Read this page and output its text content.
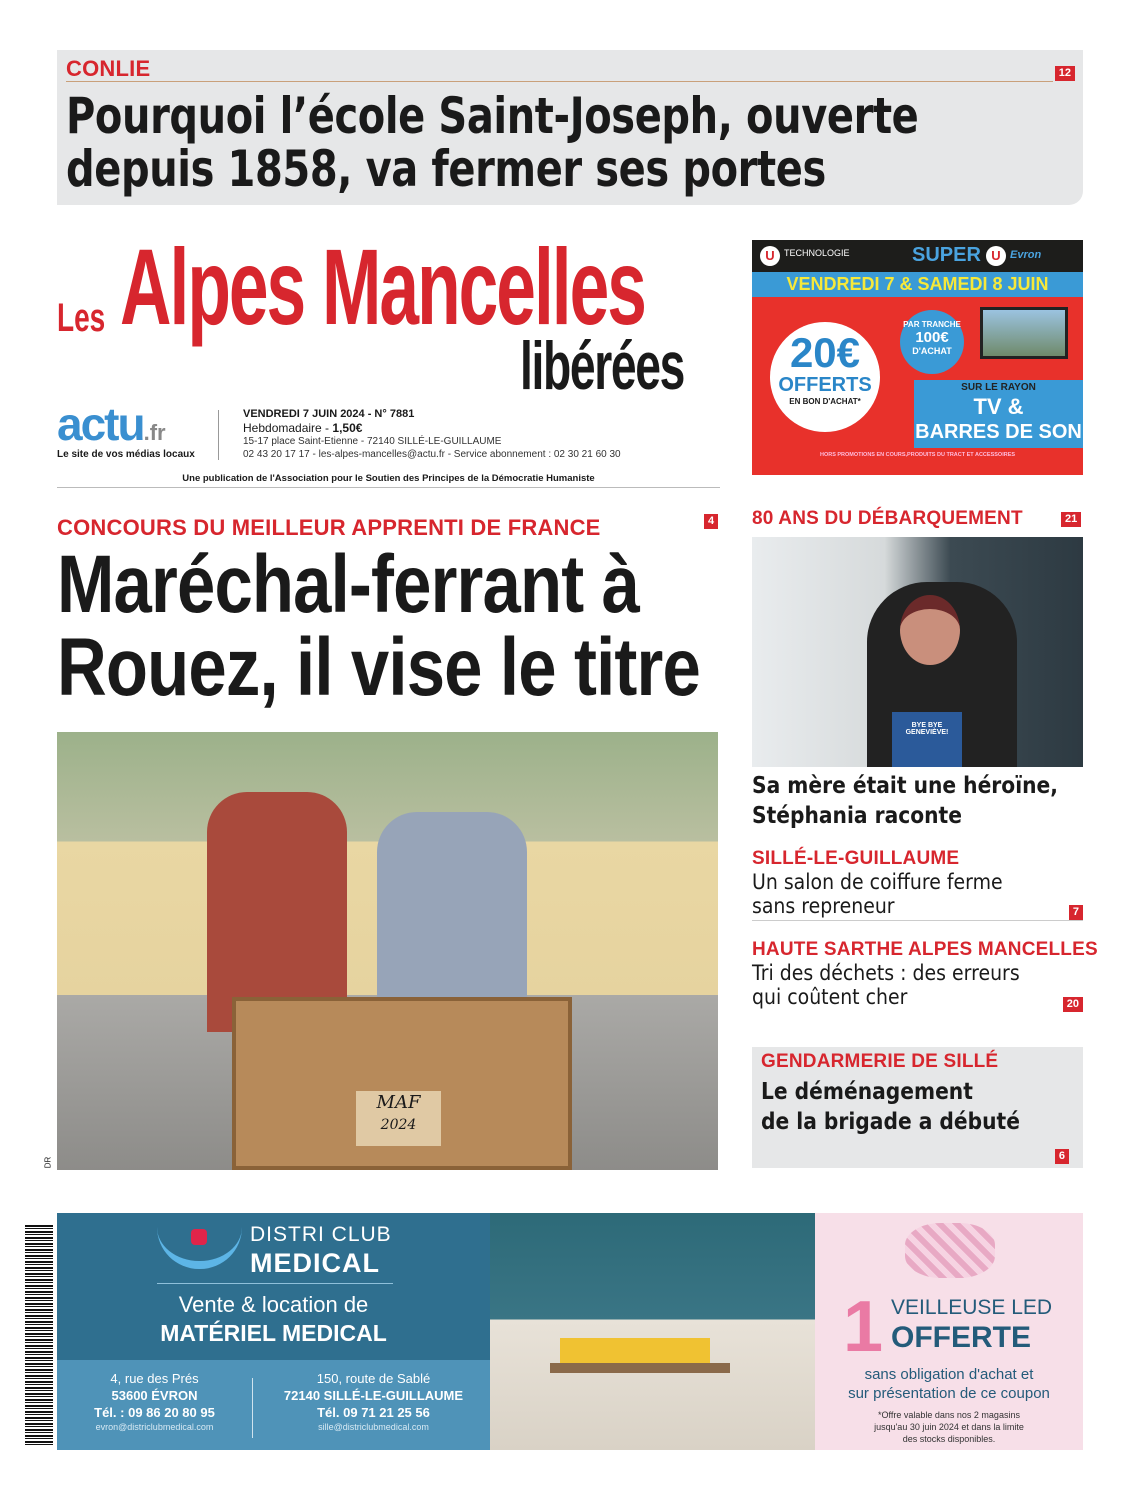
CONLIE	12
Pourquoi l’école Saint-Joseph, ouverte
depuis 1858, va fermer ses portes
Les Alpes Mancelles
libérées
actu.fr
Le site de vos médias locaux
VENDREDI 7 JUIN 2024 - N° 7881
Hebdomadaire - 1,50€
15-17 place Saint-Etienne - 72140 SILLÉ-LE-GUILLAUME
02 43 20 17 17 - les-alpes-mancelles@actu.fr - Service abonnement : 02 30 21 60 30
Une publication de l'Association pour le Soutien des Principes de la Démocratie Humaniste
U	TECHNOLOGIE	SUPER U Evron
VENDREDI 7 & SAMEDI 8 JUIN
20€
OFFERTS
EN BON D'ACHAT*
PAR TRANCHE
100€
D'ACHAT
SUR LE RAYON
TV &
BARRES DE SON
HORS PROMOTIONS EN COURS,PRODUITS DU TRACT ET ACCESSOIRES
CONCOURS DU MEILLEUR APPRENTI DE FRANCE	4
Maréchal-ferrant à
Rouez, il vise le titre
MAF
2024
DR
80 ANS DU DÉBARQUEMENT	21
BYE BYE GENEVIÈVE!
Sa mère était une héroïne,
Stéphania raconte
SILLÉ-LE-GUILLAUME
Un salon de coiffure ferme
sans repreneur	7
HAUTE SARTHE ALPES MANCELLES
Tri des déchets : des erreurs
qui coûtent cher	20
GENDARMERIE DE SILLÉ
Le déménagement
de la brigade a débuté
6
DISTRI CLUB
MEDICAL
Vente & location de
MATÉRIEL MEDICAL
4, rue des Prés
53600 ÉVRON
Tél. : 09 86 20 80 95
evron@districlubmedical.com
150, route de Sablé
72140 SILLÉ-LE-GUILLAUME
Tél. 09 71 21 25 56
sille@districlubmedical.com
1 VEILLEUSE LED
OFFERTE
sans obligation d'achat et
sur présentation de ce coupon
*Offre valable dans nos 2 magasins
jusqu'au 30 juin 2024 et dans la limite
des stocks disponibles.
